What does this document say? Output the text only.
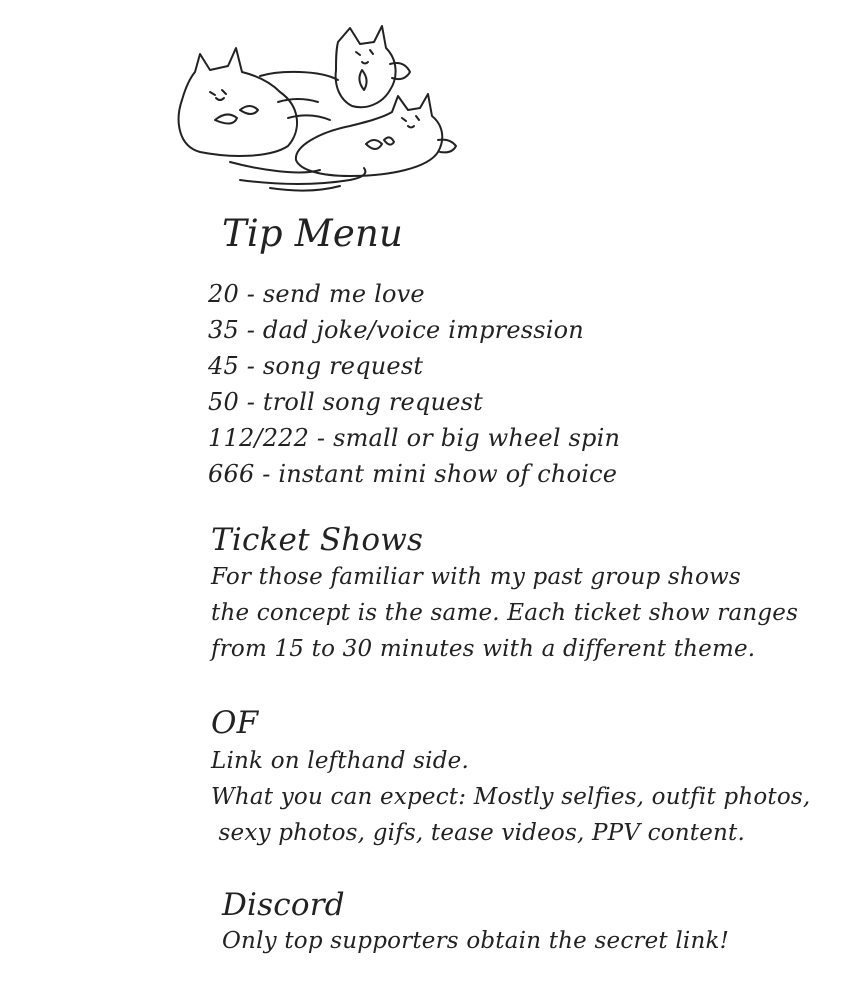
Tip Menu
20 - send me love
35 - dad joke/voice impression
45 - song request
50 - troll song request
112/222 - small or big wheel spin
666 - instant mini show of choice
Ticket Shows
For those familiar with my past group shows
the concept is the same. Each ticket show ranges
from 15 to 30 minutes with a different theme.
OF
Link on lefthand side.
What you can expect: Mostly selfies, outfit photos,
sexy photos, gifs, tease videos, PPV content.
Discord
Only top supporters obtain the secret link!
